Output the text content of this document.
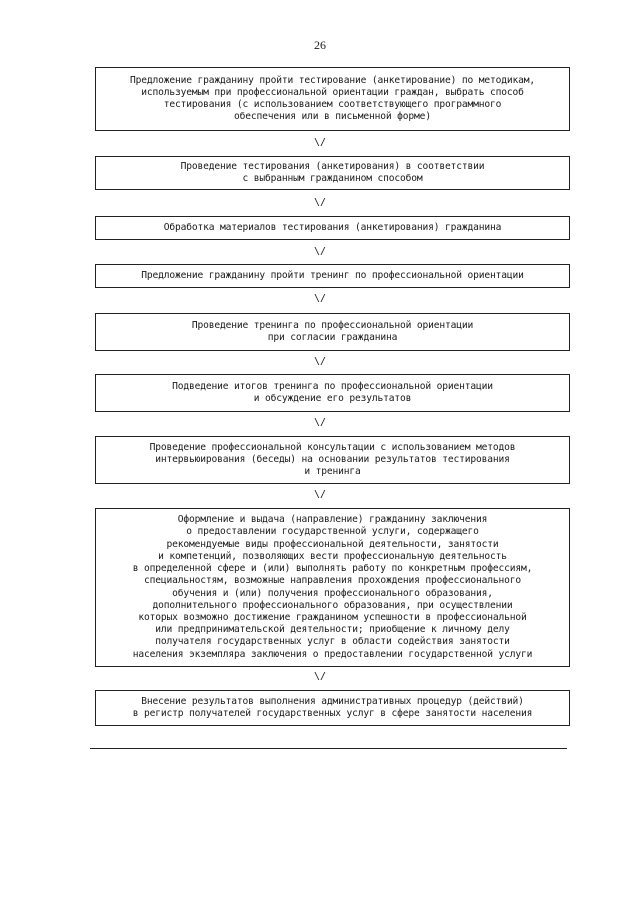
26
Предложение гражданину пройти тестирование (анкетирование) по методикам,
используемым при профессиональной ориентации граждан, выбрать способ
тестирования (с использованием соответствующего программного
обеспечения или в письменной форме)
\/
Проведение тестирования (анкетирования) в соответствии
с выбранным гражданином способом
\/
Обработка материалов тестирования (анкетирования) гражданина
\/
Предложение гражданину пройти тренинг по профессиональной ориентации
\/
Проведение тренинга по профессиональной ориентации
при согласии гражданина
\/
Подведение итогов тренинга по профессиональной ориентации
и обсуждение его результатов
\/
Проведение профессиональной консультации с использованием методов
интервьюирования (беседы) на основании результатов тестирования
и тренинга
\/
Оформление и выдача (направление) гражданину заключения
о предоставлении государственной услуги, содержащего
рекомендуемые виды профессиональной деятельности, занятости
и компетенций, позволяющих вести профессиональную деятельность
в определенной сфере и (или) выполнять работу по конкретным профессиям,
специальностям, возможные направления прохождения профессионального
обучения и (или) получения профессионального образования,
дополнительного профессионального образования, при осуществлении
которых возможно достижение гражданином успешности в профессиональной
или предпринимательской деятельности; приобщение к личному делу
получателя государственных услуг в области содействия занятости
населения экземпляра заключения о предоставлении государственной услуги
\/
Внесение результатов выполнения административных процедур (действий)
в регистр получателей государственных услуг в сфере занятости населения
